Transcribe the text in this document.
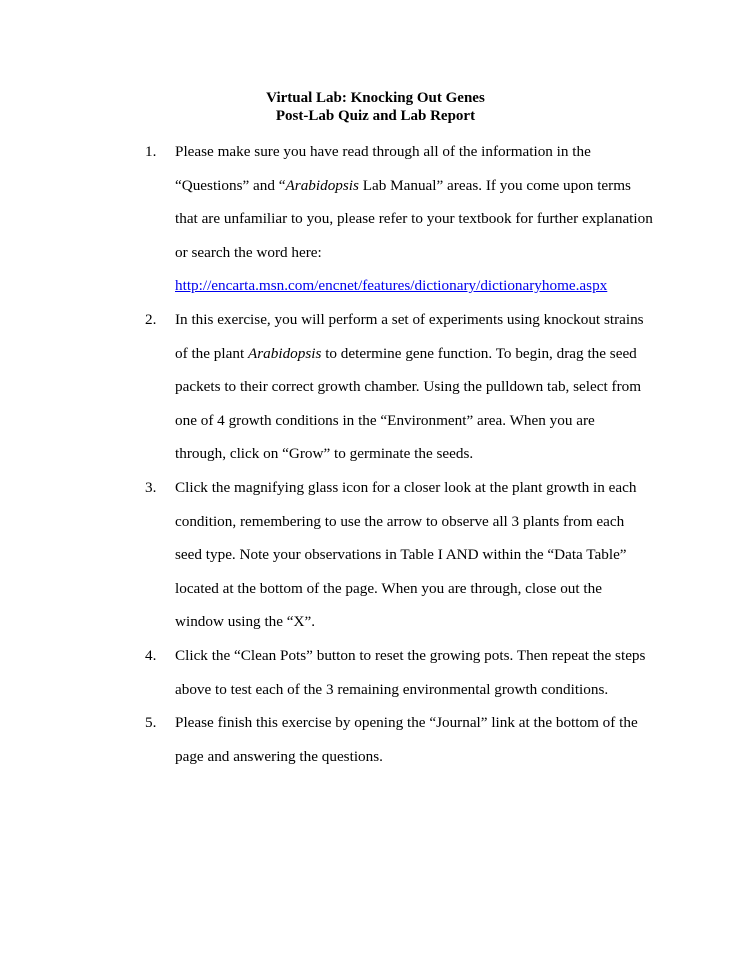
Virtual Lab: Knocking Out Genes
Post-Lab Quiz and Lab Report
1. Please make sure you have read through all of the information in the
“Questions” and “Arabidopsis Lab Manual” areas. If you come upon terms
that are unfamiliar to you, please refer to your textbook for further explanation
or search the word here:
http://encarta.msn.com/encnet/features/dictionary/dictionaryhome.aspx
2. In this exercise, you will perform a set of experiments using knockout strains
of the plant Arabidopsis to determine gene function. To begin, drag the seed
packets to their correct growth chamber. Using the pulldown tab, select from
one of 4 growth conditions in the “Environment” area. When you are
through, click on “Grow” to germinate the seeds.
3. Click the magnifying glass icon for a closer look at the plant growth in each
condition, remembering to use the arrow to observe all 3 plants from each
seed type. Note your observations in Table I AND within the “Data Table”
located at the bottom of the page. When you are through, close out the
window using the “X”.
4. Click the “Clean Pots” button to reset the growing pots. Then repeat the steps
above to test each of the 3 remaining environmental growth conditions.
5. Please finish this exercise by opening the “Journal” link at the bottom of the
page and answering the questions.
